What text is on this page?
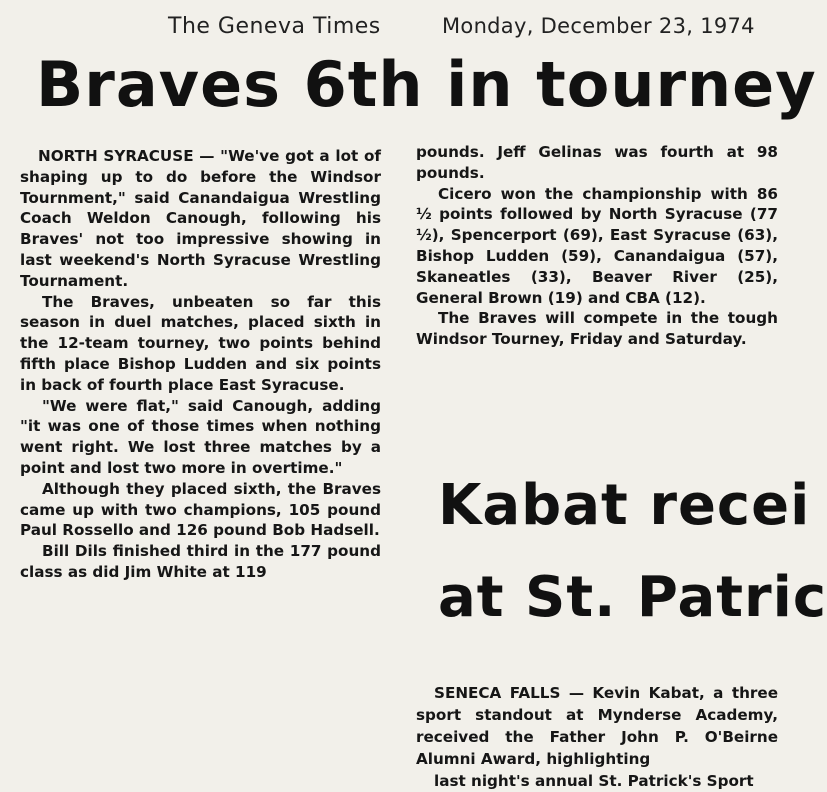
The Geneva Times	Monday, December 23, 1974
Braves 6th in tourney

NORTH SYRACUSE — "We've got a lot of shaping up to do before the Windsor Tournment," said Canandaigua Wrestling Coach Weldon Canough, following his Braves' not too impressive showing in last weekend's North Syracuse Wrestling Tournament.

The Braves, unbeaten so far this season in duel matches, placed sixth in the 12-team tourney, two points behind fifth place Bishop Ludden and six points in back of fourth place East Syracuse.

"We were flat," said Canough, adding "it was one of those times when nothing went right. We lost three matches by a point and lost two more in overtime."

Although they placed sixth, the Braves came up with two champions, 105 pound Paul Rossello and 126 pound Bob Hadsell.

Bill Dils finished third in the 177 pound class as did Jim White at 119

pounds. Jeff Gelinas was fourth at 98 pounds.

Cicero won the championship with 86 ½ points followed by North Syracuse (77 ½), Spencerport (69), East Syracuse (63), Bishop Ludden (59), Canandaigua (57), Skaneatles (33), Beaver River (25), General Brown (19) and CBA (12).

The Braves will compete in the tough Windsor Tourney, Friday and Saturday.

Kabat recei
at St. Patric
SENECA FALLS — Kevin Kabat, a three sport standout at Mynderse Academy, received the Father John P. O'Beirne Alumni Award, highlighting
last night's annual St. Patrick's Sport
